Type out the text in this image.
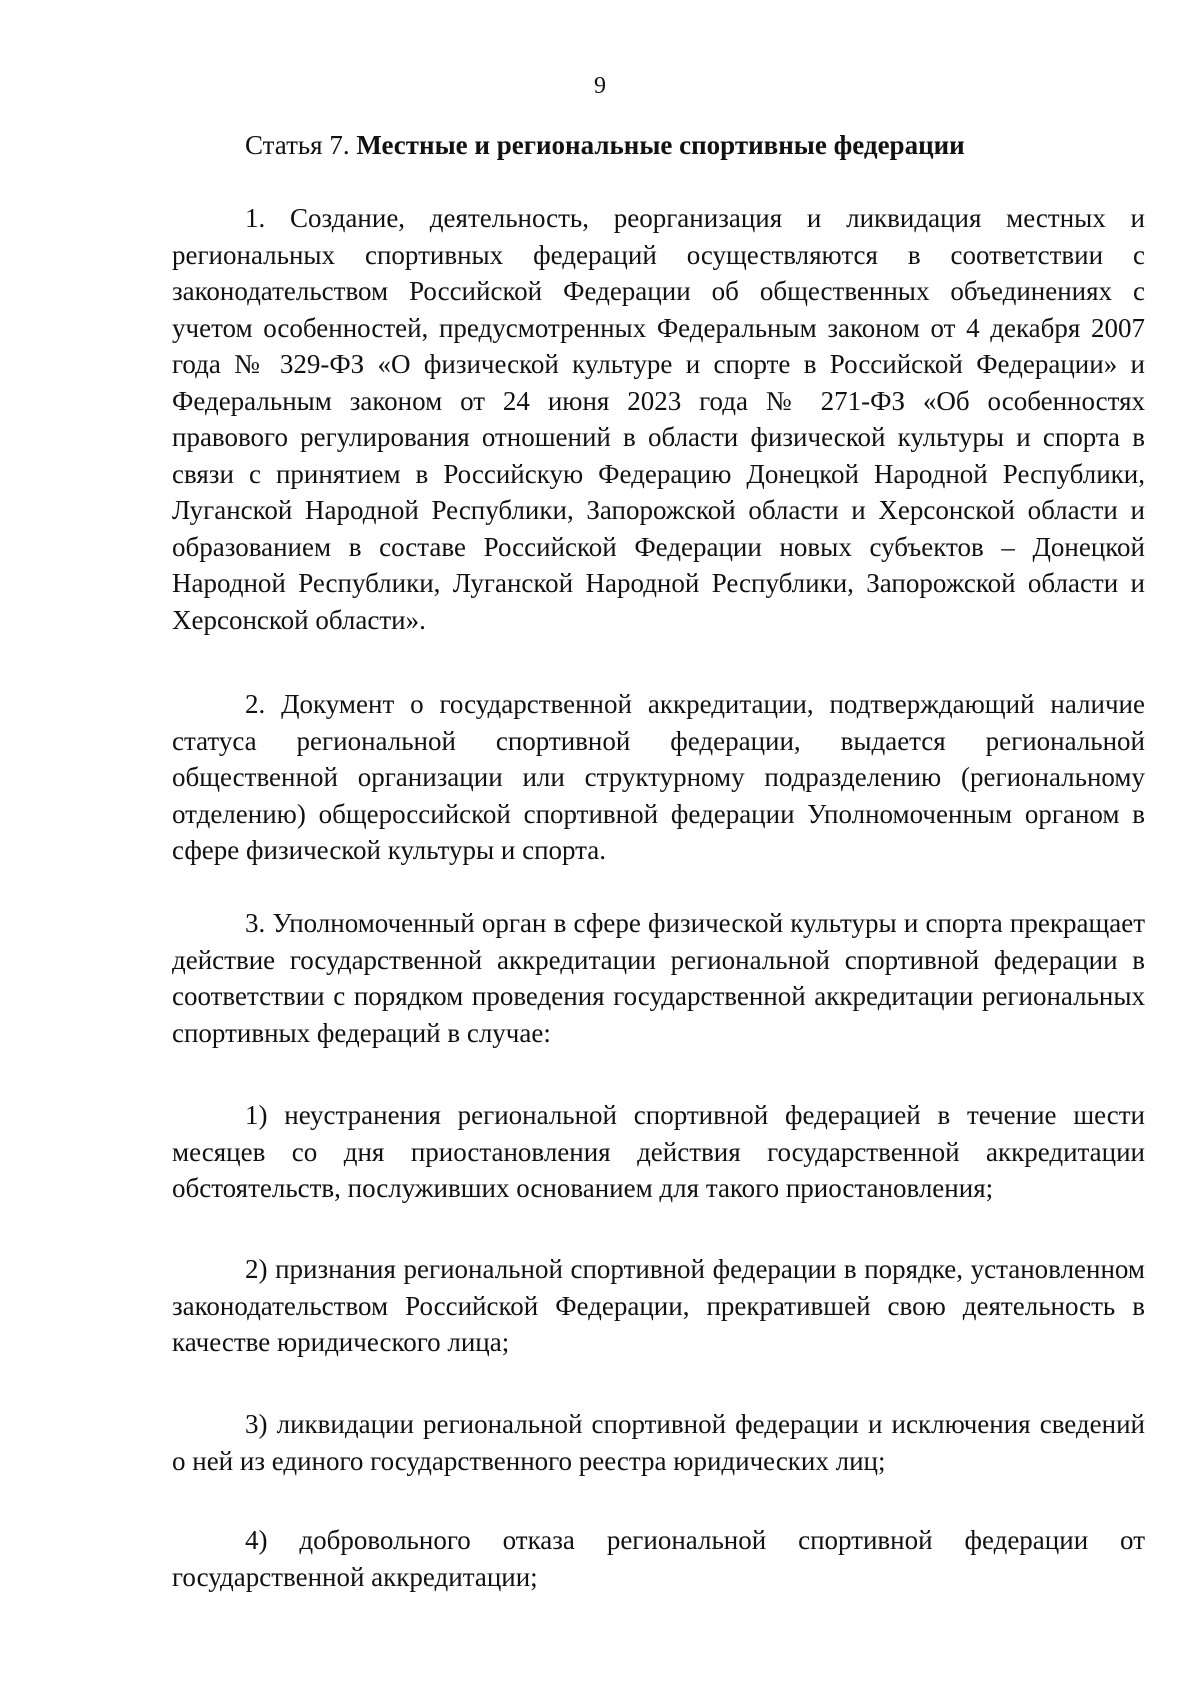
9
Статья 7. Местные и региональные спортивные федерации

1. Создание, деятельность, реорганизация и ликвидация местных и региональных спортивных федераций осуществляются в соответствии с законодательством Российской Федерации об общественных объединениях с учетом особенностей, предусмотренных Федеральным законом от 4 декабря 2007 года № 329-ФЗ «О физической культуре и спорте в Российской Федерации» и Федеральным законом от 24 июня 2023 года № 271-ФЗ «Об особенностях правового регулирования отношений в области физической культуры и спорта в связи с принятием в Российскую Федерацию Донецкой Народной Республики, Луганской Народной Республики, Запорожской области и Херсонской области и образованием в составе Российской Федерации новых субъектов – Донецкой Народной Республики, Луганской Народной Республики, Запорожской области и Херсонской области».

2. Документ о государственной аккредитации, подтверждающий наличие статуса региональной спортивной федерации, выдается региональной общественной организации или структурному подразделению (региональному отделению) общероссийской спортивной федерации Уполномоченным органом в сфере физической культуры и спорта.

3. Уполномоченный орган в сфере физической культуры и спорта прекращает действие государственной аккредитации региональной спортивной федерации в соответствии с порядком проведения государственной аккредитации региональных спортивных федераций в случае:

1) неустранения региональной спортивной федерацией в течение шести месяцев со дня приостановления действия государственной аккредитации обстоятельств, послуживших основанием для такого приостановления;

2) признания региональной спортивной федерации в порядке, установленном законодательством Российской Федерации, прекратившей свою деятельность в качестве юридического лица;

3) ликвидации региональной спортивной федерации и исключения сведений о ней из единого государственного реестра юридических лиц;

4) добровольного отказа региональной спортивной федерации от государственной аккредитации;
